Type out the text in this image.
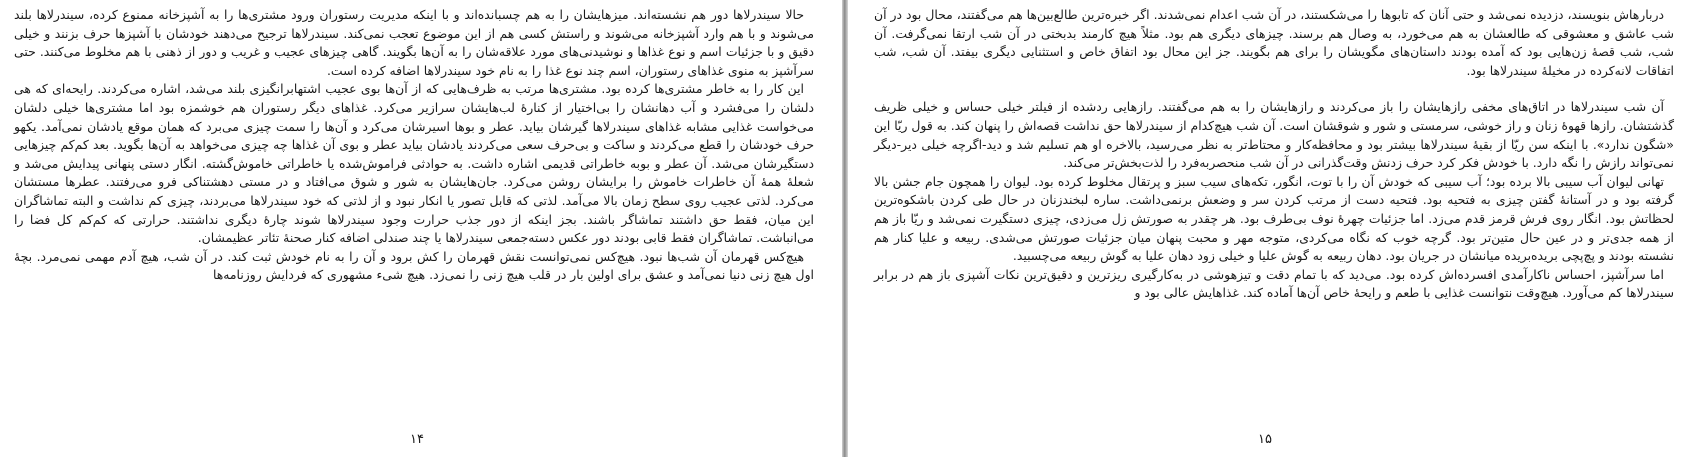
حالا سیندرلاها دور هم نشسته‌اند. میزهایشان را به هم چسبانده‌اند و با اینکه مدیریت رستوران ورود مشتری‌ها را به آشپزخانه ممنوع کرده، سیندرلاها بلند می‌شوند و با هم وارد آشپزخانه می‌شوند و راستش کسی هم از این موضوع تعجب نمی‌کند. سیندرلاها ترجیح می‌دهند خودشان با آشپزها حرف بزنند و خیلی دقیق و با جزئیات اسم و نوع غذاها و نوشیدنی‌های مورد علاقه‌شان را به آن‌ها بگویند. گاهی چیزهای عجیب و غریب و دور از ذهنی با هم مخلوط می‌کنند. حتی سرآشپز به منوی غذاهای رستوران، اسم چند نوع غذا را به نام خود سیندرلاها اضافه کرده است.

این کار را به خاطر مشتری‌ها کرده بود. مشتری‌ها مرتب به ظرف‌هایی که از آن‌ها بوی عجیب اشتهابرانگیزی بلند می‌شد، اشاره می‌کردند. رایحه‌ای که هی دلشان را می‌فشرد و آب دهانشان را بی‌اختیار از کنارهٔ لب‌هایشان سرازیر می‌کرد. غذاهای دیگر رستوران هم خوشمزه بود اما مشتری‌ها خیلی دلشان می‌خواست غذایی مشابه غذاهای سیندرلاها گیرشان بیاید. عطر و بوها اسیرشان می‌کرد و آن‌ها را سمت چیزی می‌برد که همان موقع یادشان نمی‌آمد. یکهو حرف خودشان را قطع می‌کردند و ساکت و بی‌حرف سعی می‌کردند یادشان بیاید عطر و بوی آن غذاها چه چیزی می‌خواهد به آن‌ها بگوید. بعد کم‌کم چیزهایی دستگیرشان می‌شد. آن عطر و بوبه خاطراتی قدیمی اشاره داشت. به حوادثی فراموش‌شده یا خاطراتی خاموش‌گشته. انگار دستی پنهانی پیدایش می‌شد و شعلهٔ همهٔ آن خاطرات خاموش را برایشان روشن می‌کرد. جان‌هایشان به شور و شوق می‌افتاد و در مستی دهشتناکی فرو می‌رفتند. عطرها مستشان می‌کرد. لذتی عجیب روی سطح زمان بالا می‌آمد. لذتی که قابل تصور یا انکار نبود و از لذتی که خود سیندرلاها می‌بردند، چیزی کم نداشت و البته تماشاگران این میان، فقط حق داشتند تماشاگر باشند. بجز اینکه از دور جذب حرارت وجود سیندرلاها شوند چارهٔ دیگری نداشتند. حرارتی که کم‌کم کل فضا را می‌انباشت. تماشاگران فقط قابی بودند دور عکس دسته‌جمعی سیندرلاها یا چند صندلی اضافه کنار صحنهٔ تئاتر عظیمشان.

هیچ‌کس قهرمان آن شب‌ها نبود. هیچ‌کس نمی‌توانست نقش قهرمان را کش برود و آن را به نام خودش ثبت کند. در آن شب، هیچ آدم مهمی نمی‌مرد. بچهٔ اول هیچ زنی دنیا نمی‌آمد و عشق برای اولین بار در قلب هیچ زنی را نمی‌زد. هیچ شیء مشهوری که فردایش روزنامه‌ها

۱۴

دربار‌هاش بنویسند، دزدیده نمی‌شد و حتی آنان که تابوها را می‌شکستند، در آن شب اعدام نمی‌شدند. اگر خبره‌ترین طالع‌بین‌ها هم می‌گفتند، محال بود در آن شب عاشق و معشوقی که طالعشان به هم می‌خورد، به وصال هم برسند. چیزهای دیگری هم بود. مثلاً هیچ کارمند بدبختی در آن شب ارتقا نمی‌گرفت. آن شب، شب قصهٔ زن‌هایی بود که آمده بودند داستان‌های مگویشان را برای هم بگویند. جز این محال بود اتفاق خاص و استثنایی دیگری بیفتد. آن شب، شب اتفاقات لانه‌کرده در مخیلهٔ سیندرلاها بود.

آن شب سیندرلاها در اتاق‌های مخفی رازهایشان را باز می‌کردند و رازهایشان را به هم می‌گفتند. رازهایی ردشده از فیلتر خیلی حساس و خیلی ظریف گذشتشان. رازها قهوهٔ زنان و راز خوشی، سرمستی و شور و شوقشان است. آن شب هیچ‌کدام از سیندرلاها حق نداشت قصه‌اش را پنهان کند. به قول ریّا این «شگون ندارد». با اینکه سن ریّا از بقیهٔ سیندرلاها بیشتر بود و محافظه‌کار و محتاط‌تر به نظر می‌رسید، بالاخره او هم تسلیم شد و دید-اگرچه خیلی دیر-دیگر نمی‌تواند رازش را نگه دارد. با خودش فکر کرد حرف زدنش وقت‌گذرانی در آن شب منحصربه‌فرد را لذت‌بخش‌تر می‌کند.

تهانی لیوان آب سیبی بالا برده بود؛ آب سیبی که خودش آن را با توت، انگور، تکه‌های سیب سبز و پرتقال مخلوط کرده بود. لیوان را همچون جام جشن بالا گرفته بود و در آستانهٔ گفتن چیزی به فتحیه بود. فتحیه دست از مرتب کردن سر و وضعش برنمی‌داشت. ساره لبخندزنان در حال طی کردن باشکوه‌ترین لحظاتش بود. انگار روی فرش قرمز قدم می‌زد. اما جزئیات چهرهٔ نوف بی‌طرف بود. هر چقدر به صورتش زل می‌زدی، چیزی دستگیرت نمی‌شد و ریّا باز هم از همه جدی‌تر و در عین حال متین‌تر بود. گرچه خوب که نگاه می‌کردی، متوجه مهر و محبت پنهان میان جزئیات صورتش می‌شدی. ربیعه و علیا کنار هم نشسته بودند و پچ‌پچی بریده‌بریده میانشان در جریان بود. دهان ربیعه به گوش علیا و خیلی زود دهان علیا به گوش ربیعه می‌چسبید.

اما سرآشپز، احساس ناکارآمدی افسرده‌اش کرده بود. می‌دید که با تمام دقت و تیزهوشی در به‌کارگیری ریزترین و دقیق‌ترین نکات آشپزی باز هم در برابر سیندرلاها کم می‌آورد. هیچ‌وقت نتوانست غذایی با طعم و رایحهٔ خاص آن‌ها آماده کند. غذاهایش عالی بود و

۱۵
